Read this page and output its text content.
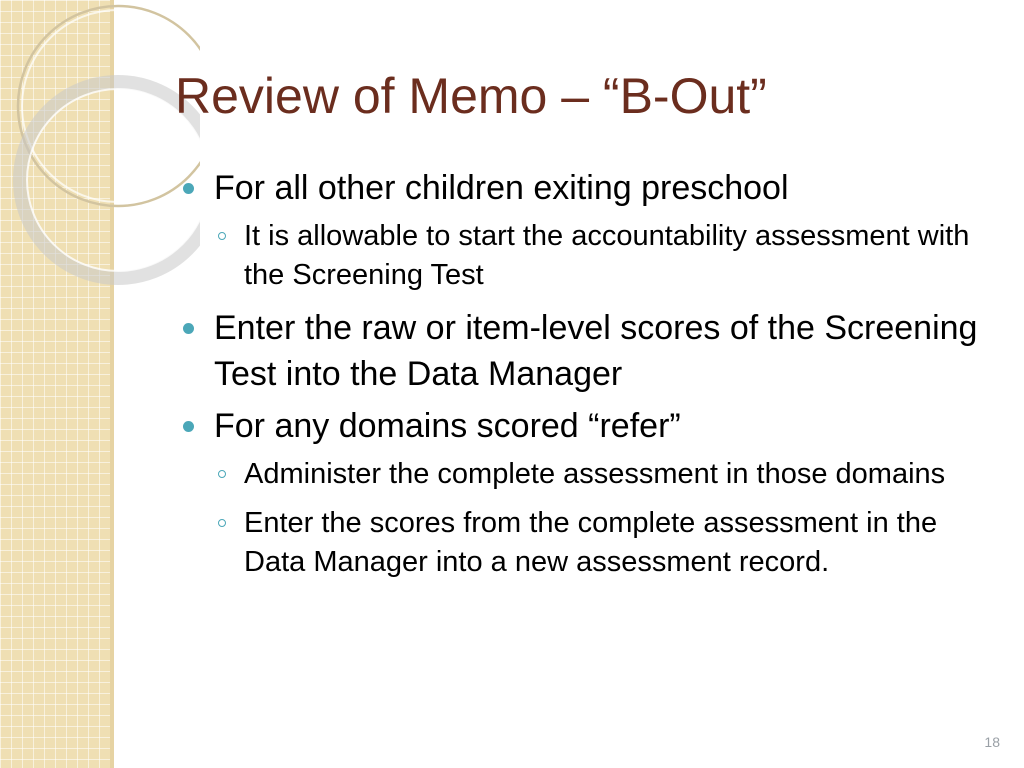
Review of Memo – “B-Out”
For all other children exiting preschool
It is allowable to start the accountability assessment with the Screening Test
Enter the raw or item-level scores of the Screening Test into the Data Manager
For any domains scored “refer”
Administer the complete assessment in those domains
Enter the scores from the complete assessment in the Data Manager into a new assessment record.
18
